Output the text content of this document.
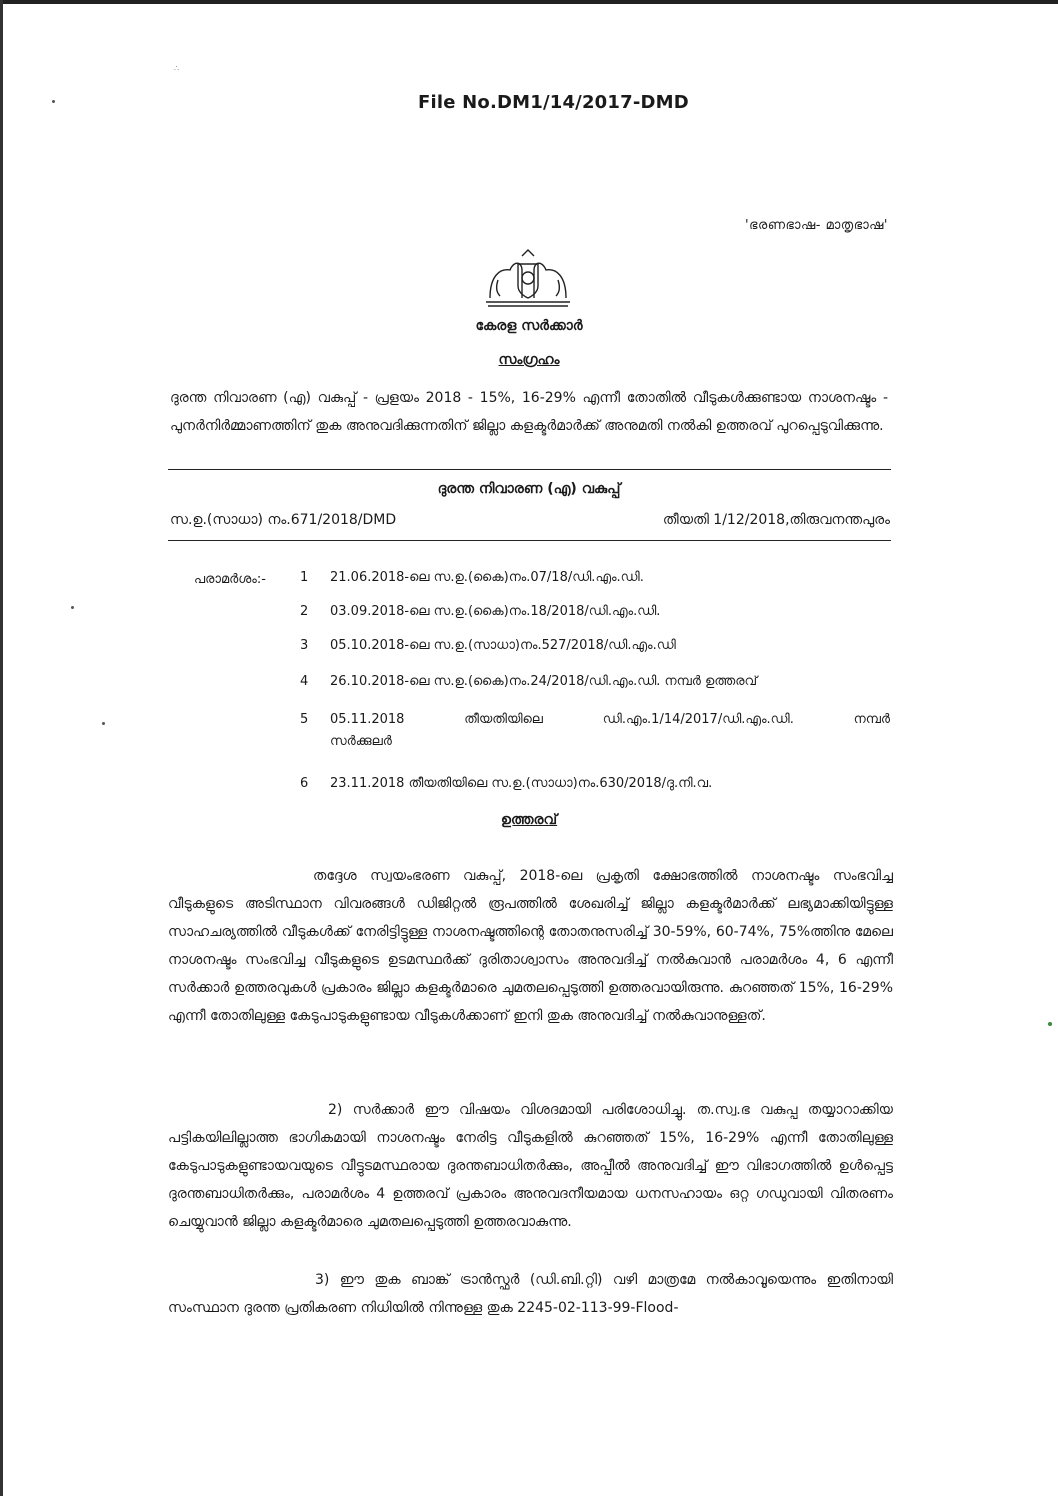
∴
File No.DM1/14/2017-DMD
'ഭരണഭാഷ- മാതൃഭാഷ'
കേരള സർക്കാർ
സംഗ്രഹം
ദുരന്ത നിവാരണ (എ) വകുപ്പ് - പ്രളയം 2018 - 15%, 16-29% എന്നീ തോതിൽ വീടുകൾക്കുണ്ടായ നാശനഷ്ടം - പുനർനിർമ്മാണത്തിന് തുക അനുവദിക്കുന്നതിന് ജില്ലാ കളക്ടർമാർക്ക് അനുമതി നൽകി ഉത്തരവ് പുറപ്പെടുവിക്കുന്നു.
ദുരന്ത നിവാരണ (എ) വകുപ്പ്
സ.ഉ.(സാധാ) നം.671/2018/DMD	തീയതി 1/12/2018,തിരുവനന്തപുരം
പരാമർശം:-	1	21.06.2018-ലെ സ.ഉ.(കൈ)നം.07/18/ഡി.എം.ഡി.
2	03.09.2018-ലെ സ.ഉ.(കൈ)നം.18/2018/ഡി.എം.ഡി.
3	05.10.2018-ലെ സ.ഉ.(സാധാ)നം.527/2018/ഡി.എം.ഡി
4	26.10.2018-ലെ സ.ഉ.(കൈ)നം.24/2018/ഡി.എം.ഡി. നമ്പർ ഉത്തരവ്
5	05.11.2018 തീയതിയിലെ ഡി.എം.1/14/2017/ഡി.എം.ഡി. നമ്പർ
സർക്കുലർ
6	23.11.2018 തീയതിയിലെ സ.ഉ.(സാധാ)നം.630/2018/ദു.നി.വ.
ഉത്തരവ്
തദ്ദേശ സ്വയംഭരണ വകുപ്പ്, 2018-ലെ പ്രകൃതി ക്ഷോഭത്തിൽ നാശനഷ്ടം സംഭവിച്ച വീടുകളുടെ അടിസ്ഥാന വിവരങ്ങൾ ഡിജിറ്റൽ രൂപത്തിൽ ശേഖരിച്ച് ജില്ലാ കളക്ടർമാർക്ക് ലഭ്യമാക്കിയിട്ടുള്ള സാഹചര്യത്തിൽ വീടുകൾക്ക് നേരിട്ടിട്ടുള്ള നാശനഷ്ടത്തിന്റെ തോതനുസരിച്ച് 30-59%, 60-74%, 75%ത്തിനു മേലെ നാശനഷ്ടം സംഭവിച്ച വീടുകളുടെ ഉടമസ്ഥർക്ക് ദുരിതാശ്വാസം അനുവദിച്ച് നൽകുവാൻ പരാമർശം 4, 6 എന്നീ സർക്കാർ ഉത്തരവുകൾ പ്രകാരം ജില്ലാ കളക്ടർമാരെ ചുമതലപ്പെടുത്തി ഉത്തരവായിരുന്നു. കുറഞ്ഞത് 15%, 16-29% എന്നീ തോതിലുള്ള കേടുപാടുകളുണ്ടായ വീടുകൾക്കാണ് ഇനി തുക അനുവദിച്ച് നൽകുവാനുള്ളത്.
2) സർക്കാർ ഈ വിഷയം വിശദമായി പരിശോധിച്ചു. ത.സ്വ.ഭ വകുപ്പ തയ്യാറാക്കിയ പട്ടികയിലില്ലാത്ത ഭാഗികമായി നാശനഷ്ടം നേരിട്ട വീടുകളിൽ കുറഞ്ഞത് 15%, 16-29% എന്നീ തോതിലുള്ള കേടുപാടുകളുണ്ടായവയുടെ വീട്ടുടമസ്ഥരായ ദുരന്തബാധിതർക്കും, അപ്പീൽ അനുവദിച്ച് ഈ വിഭാഗത്തിൽ ഉൾപ്പെട്ട ദുരന്തബാധിതർക്കും, പരാമർശം 4 ഉത്തരവ് പ്രകാരം അനുവദനീയമായ ധനസഹായം ഒറ്റ ഗഡുവായി വിതരണം ചെയ്യുവാൻ ജില്ലാ കളക്ടർമാരെ ചുമതലപ്പെടുത്തി ഉത്തരവാകുന്നു.
3) ഈ തുക ബാങ്ക് ട്രാൻസ്ഫർ (ഡി.ബി.റ്റി) വഴി മാത്രമേ നൽകാവൂയെന്നും ഇതിനായി സംസ്ഥാന ദുരന്ത പ്രതികരണ നിധിയിൽ നിന്നുള്ള തുക 2245-02-113-99-Flood-
